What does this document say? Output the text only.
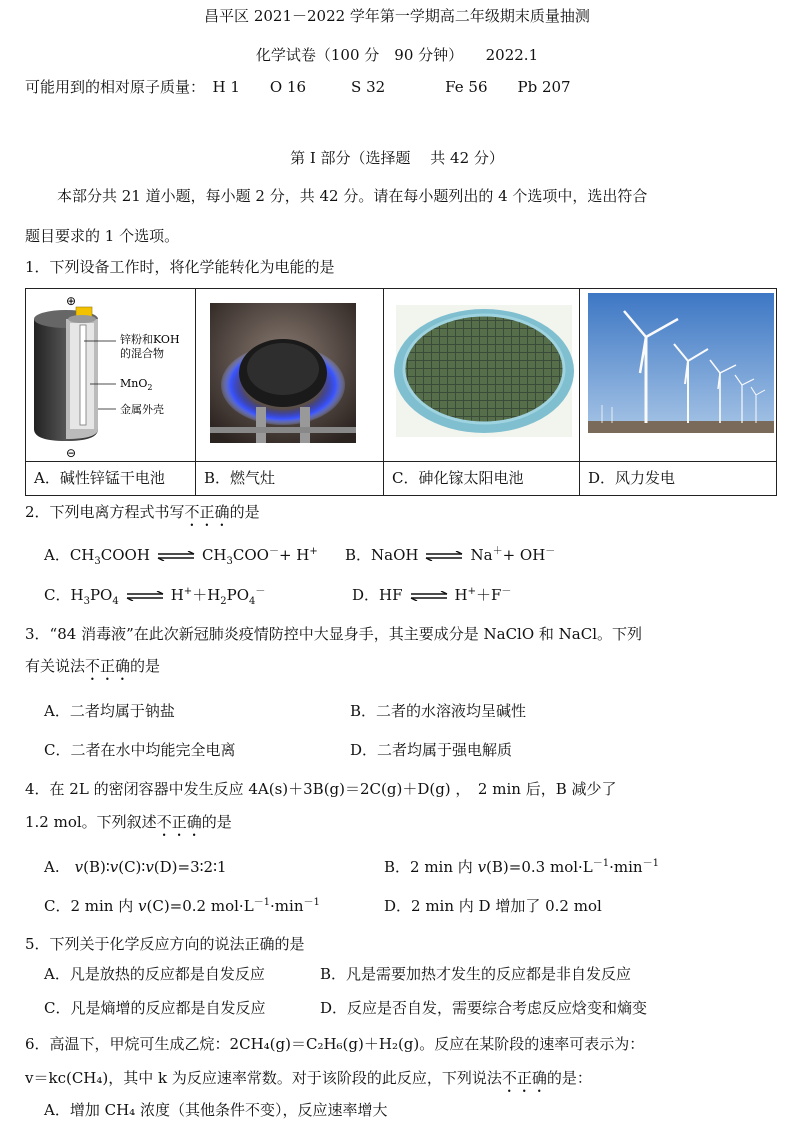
昌平区 2021－2022 学年第一学期高二年级期末质量抽测
化学试卷（100 分　90 分钟）　　2022.1
可能用到的相对原子质量：　H 1　　O 16　　　S 32　　　　Fe 56　　Pb 207
第 I 部分（选择题　 共 42 分）
本部分共 21 道小题，每小题 2 分，共 42 分。请在每小题列出的 4 个选项中，选出符合
题目要求的 1 个选项。
1．下列设备工作时，将化学能转化为电能的是
⊕
锌粉和KOH
的混合物
MnO$_2$
金属外壳
⊖
A．碱性锌锰干电池	B．燃气灶	C．砷化镓太阳电池	D．风力发电
2．下列电离方程式书写不正确的是
A．$CH_3COOH$ ⇌ $CH_3COO^-+ H^+$ B．NaOH ⇌ Na＋+ OH－
C．$H_3PO_4$ ⇌ $H^++H_2PO_4^-$	D．HF ⇌ H+＋F－
3．“84 消毒液”在此次新冠肺炎疫情防控中大显身手，其主要成分是 NaClO 和 NaCl。下列
有关说法不正确的是
A．二者均属于钠盐	B．二者的水溶液均呈碱性
C．二者在水中均能完全电离	D．二者均属于强电解质
4．在 2L 的密闭容器中发生反应 4A(s)＋3B(g)＝2C(g)＋D(g) ，　2 min 后，B 减少了
1.2 mol。下列叙述不正确的是
A.　v(B)∶v(C)∶v(D)=3∶2∶1	B．2 min 内 v(B)=0.3 $mol\cdot L^{-1}\cdot\min^{-1}$
C．2 min 内 v(C)=0.2 $mol\cdot L^{-1}\cdot\min^{-1}$	D．2 min 内 D 增加了 0.2 mol
5．下列关于化学反应方向的说法正确的是
A．凡是放热的反应都是自发反应	B．凡是需要加热才发生的反应都是非自发反应
C．凡是熵增的反应都是自发反应	D．反应是否自发，需要综合考虑反应焓变和熵变
6．高温下，甲烷可生成乙烷：2CH₄(g)＝C₂H₆(g)＋H₂(g)。反应在某阶段的速率可表示为：
v＝kc(CH₄)，其中 k 为反应速率常数。对于该阶段的此反应，下列说法不正确的是：
A．增加 CH₄ 浓度（其他条件不变），反应速率增大
